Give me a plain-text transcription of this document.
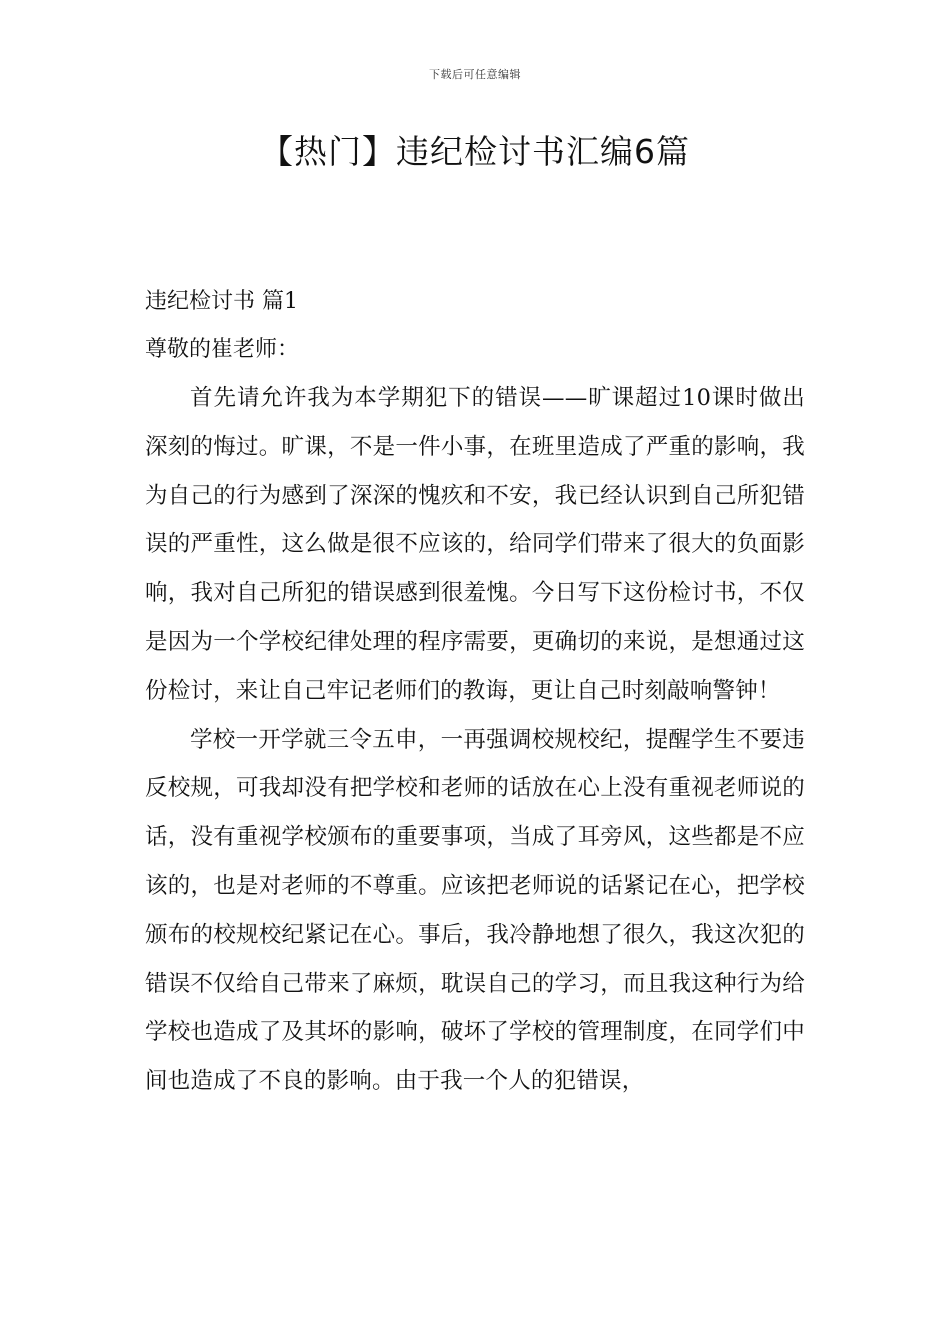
下载后可任意编辑
【热门】违纪检讨书汇编6篇
违纪检讨书 篇1
尊敬的崔老师：

首先请允许我为本学期犯下的错误——旷课超过10课时做出深刻的悔过。旷课，不是一件小事，在班里造成了严重的影响，我为自己的行为感到了深深的愧疚和不安，我已经认识到自己所犯错误的严重性，这么做是很不应该的，给同学们带来了很大的负面影响，我对自己所犯的错误感到很羞愧。今日写下这份检讨书，不仅是因为一个学校纪律处理的程序需要，更确切的来说，是想通过这份检讨，来让自己牢记老师们的教诲，更让自己时刻敲响警钟！

学校一开学就三令五申，一再强调校规校纪，提醒学生不要违反校规，可我却没有把学校和老师的话放在心上没有重视老师说的话，没有重视学校颁布的重要事项，当成了耳旁风，这些都是不应该的，也是对老师的不尊重。应该把老师说的话紧记在心，把学校颁布的校规校纪紧记在心。事后，我冷静地想了很久，我这次犯的错误不仅给自己带来了麻烦，耽误自己的学习，而且我这种行为给学校也造成了及其坏的影响，破坏了学校的管理制度，在同学们中间也造成了不良的影响。由于我一个人的犯错误，
